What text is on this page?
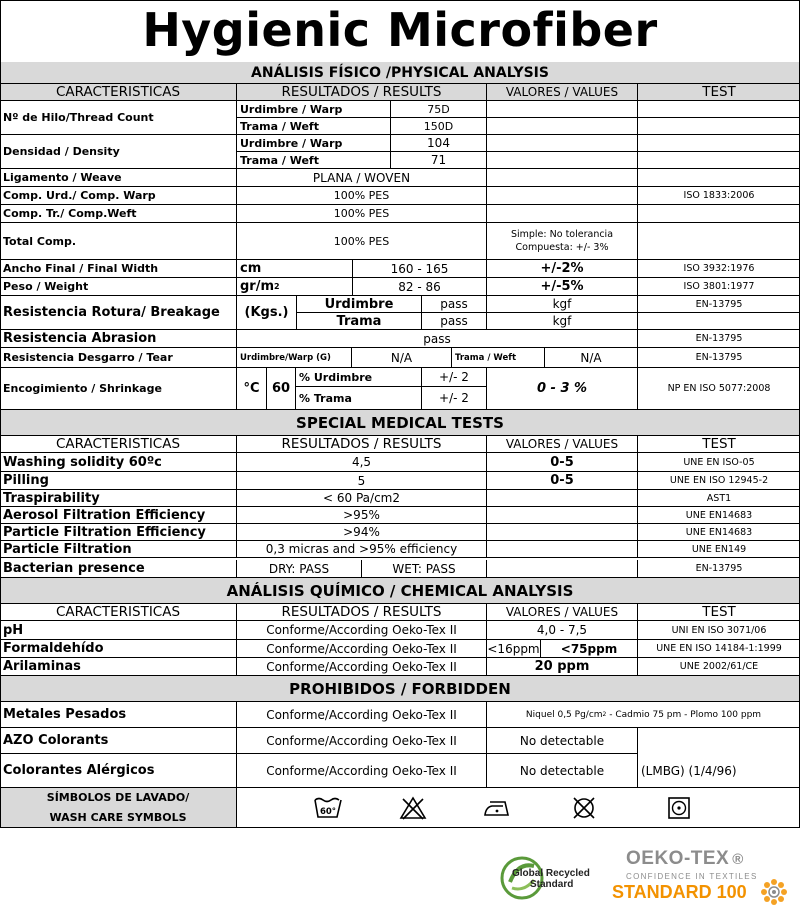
Hygienic Microfiber
ANÁLISIS FÍSICO /PHYSICAL ANALYSIS
CARACTERISTICAS	RESULTADOS / RESULTS	VALORES / VALUES	TEST
Nº de Hilo/Thread Count
Urdimbre / Warp	75D
Trama / Weft	150D
Densidad / Density
Urdimbre / Warp	104
Trama / Weft	71
Ligamento / Weave	PLANA / WOVEN
Comp. Urd./ Comp. Warp	100% PES	ISO 1833:2006
Comp. Tr./ Comp.Weft	100% PES
Total Comp.	100% PES	Simple: No tolerancia
Compuesta: +/- 3%
Ancho Final / Final Width	cm	160 - 165	+/-2%	ISO 3932:1976
Peso / Weight	gr/m 2	82 - 86	+/-5%	ISO 3801:1977
Resistencia Rotura/ Breakage	(Kgs.)
Urdimbre	pass	kgf	EN-13795
Trama	pass	kgf
Resistencia Abrasion	pass	EN-13795
Resistencia Desgarro / Tear	Urdimbre/Warp (G)	N/A	Trama / Weft	N/A	EN-13795
Encogimiento / Shrinkage	°C 60
% Urdimbre	+/- 2
% Trama	+/- 2
0 - 3 %	NP EN ISO 5077:2008
SPECIAL MEDICAL TESTS
CARACTERISTICAS	RESULTADOS / RESULTS	VALORES / VALUES	TEST
Washing solidity 60ºc	4,5	0-5	UNE EN ISO-05
Pilling	5	0-5	UNE EN ISO 12945-2
Traspirability	< 60 Pa/cm2	AST1
Aerosol Filtration Efficiency	>95%	UNE EN14683
Particle Filtration Efficiency	>94%	UNE EN14683
Particle Filtration	0,3 micras and >95% efficiency	UNE EN149
Bacterian presence	DRY: PASS	WET: PASS	EN-13795
ANÁLISIS QUÍMICO / CHEMICAL ANALYSIS
CARACTERISTICAS	RESULTADOS / RESULTS	VALORES / VALUES	TEST
pH	Conforme/According Oeko-Tex II	4,0 - 7,5	UNI EN ISO 3071/06
Formaldehído	Conforme/According Oeko-Tex II	<16ppm	<75ppm	UNE EN ISO 14184-1:1999
Arilaminas	Conforme/According Oeko-Tex II	20 ppm	UNE 2002/61/CE
PROHIBIDOS / FORBIDDEN
Metales Pesados	Conforme/According Oeko-Tex II	Niquel 0,5 Pg/cm 2 - Cadmio 75 pm - Plomo 100 ppm
AZO Colorants	Conforme/According Oeko-Tex II	No detectable
Colorantes Alérgicos	Conforme/According Oeko-Tex II	No detectable	(LMBG) (1/4/96)
SÍMBOLOS DE LAVADO/
WASH CARE SYMBOLS	60°
Global Recycled
Standard
OEKO-TEX ®
CONFIDENCE IN TEXTILES
STANDARD 100
